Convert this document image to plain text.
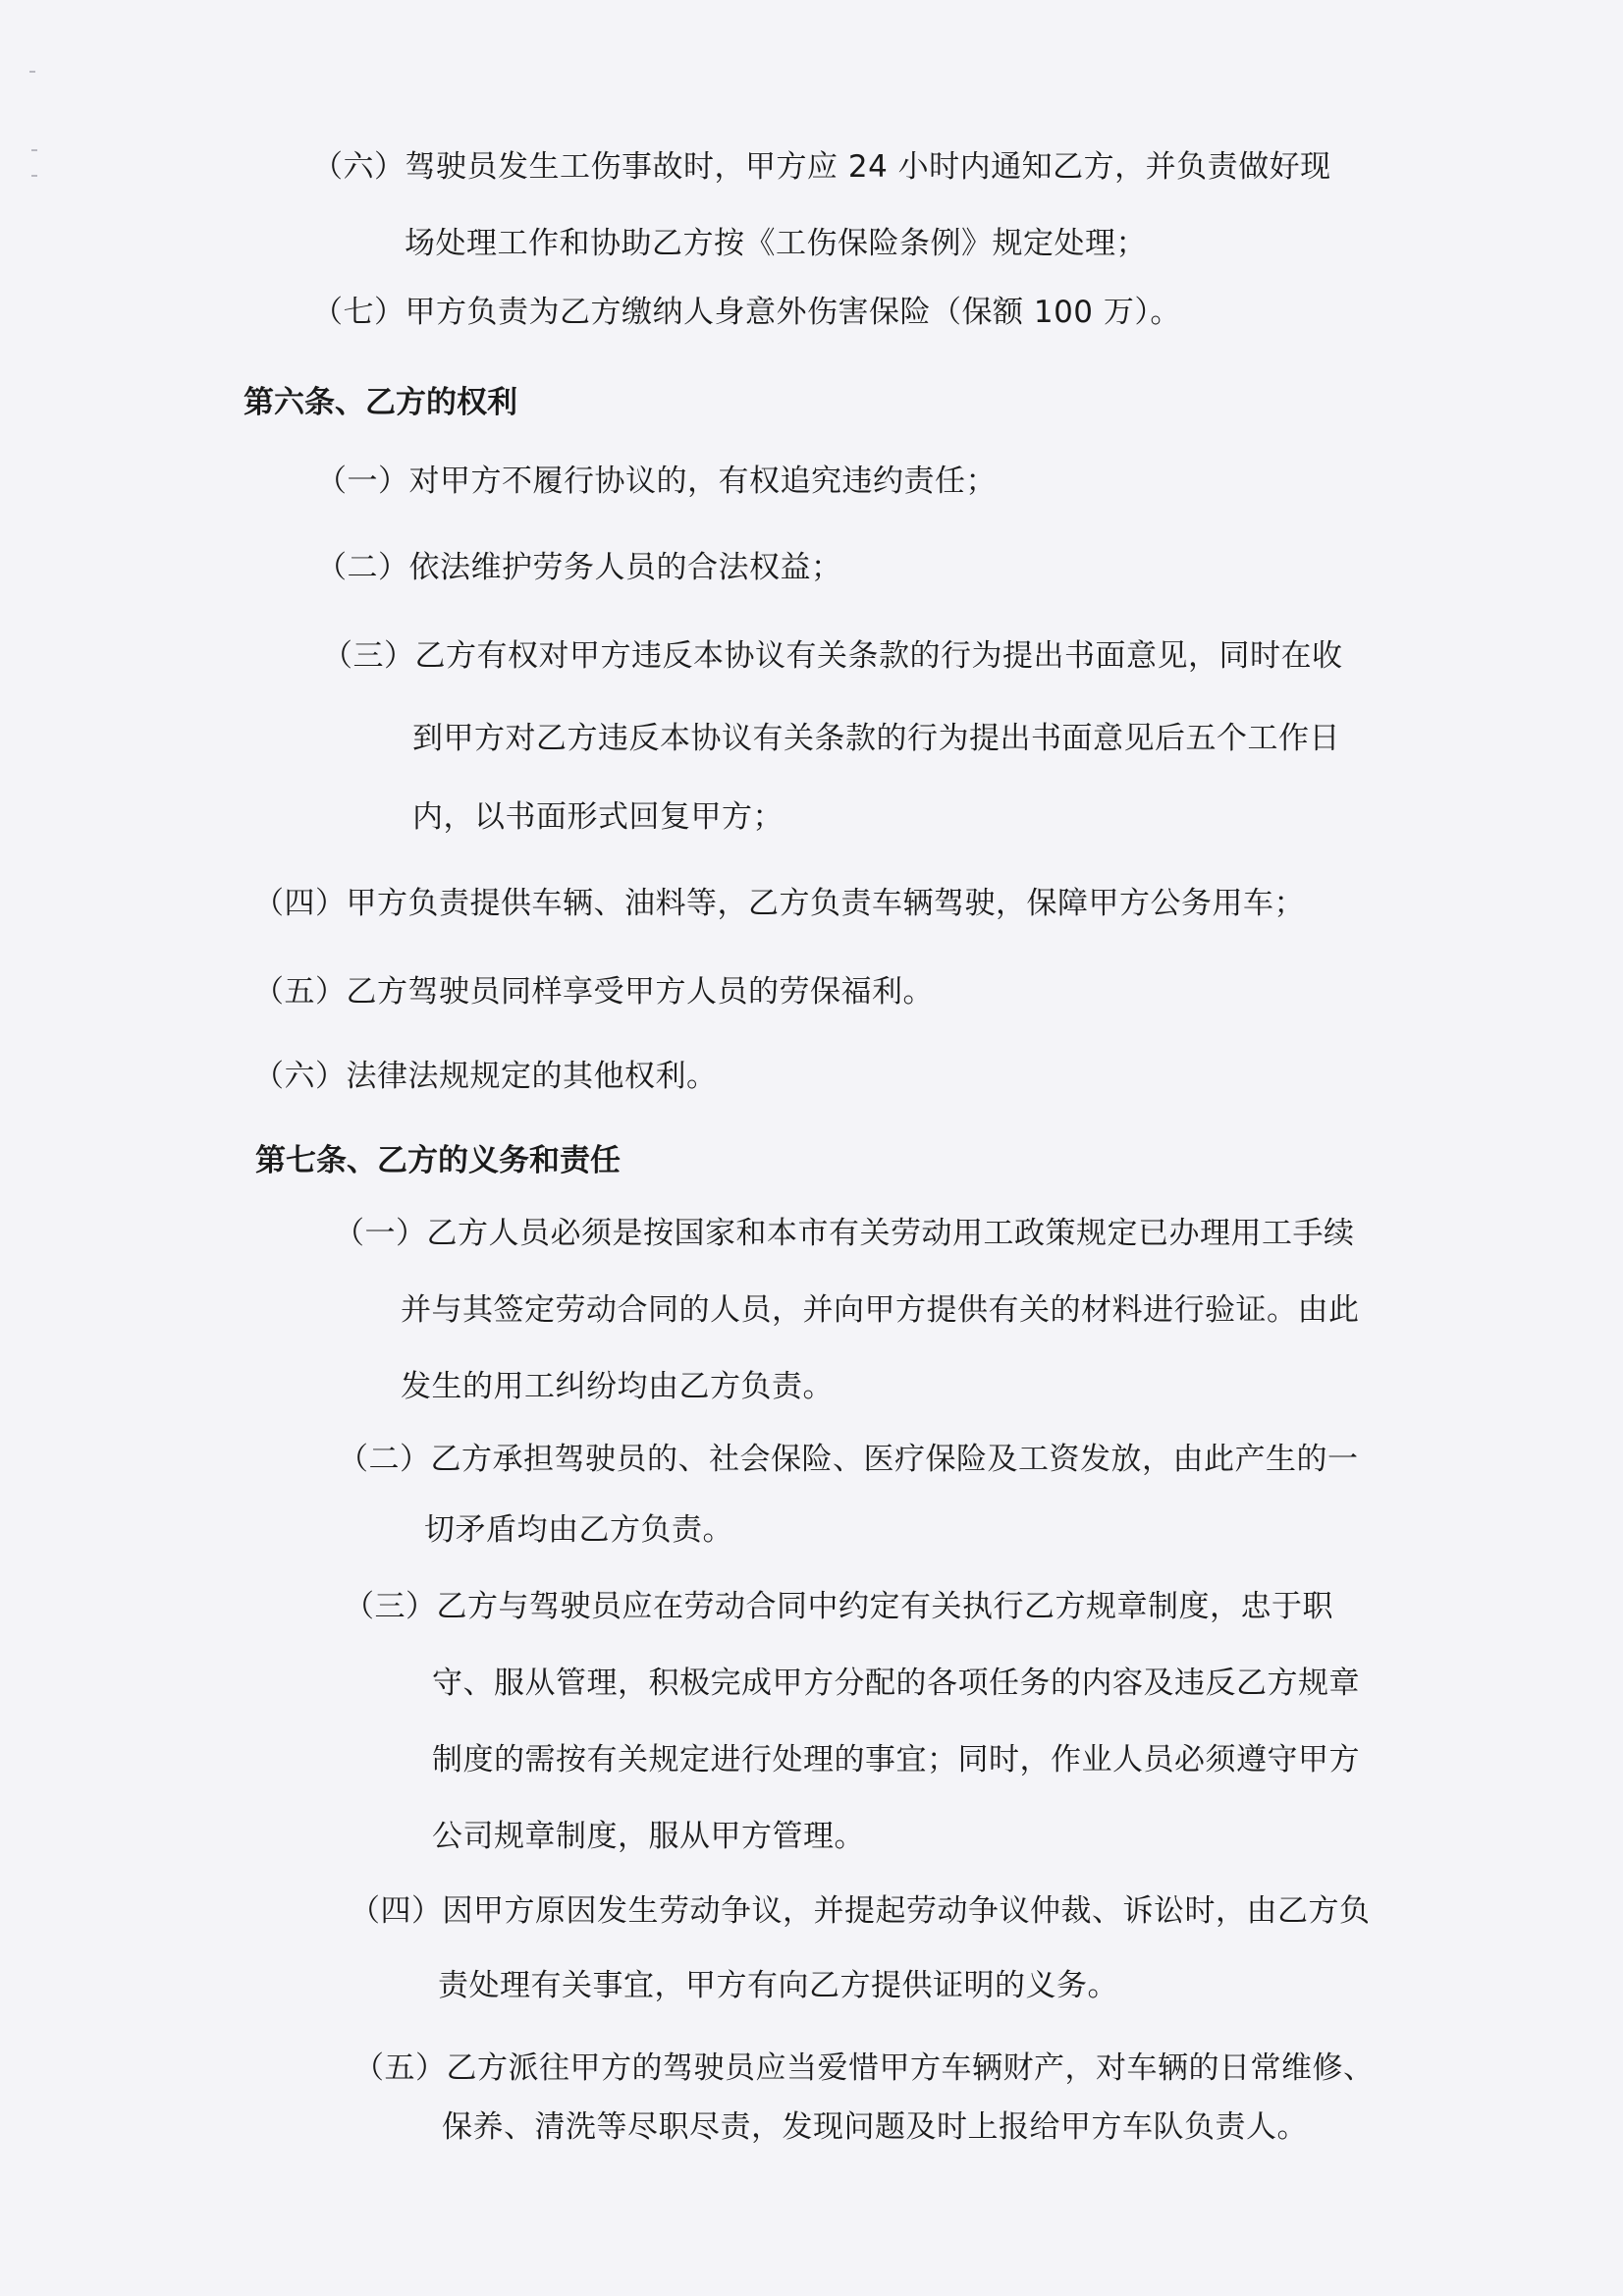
（六）驾驶员发生工伤事故时，甲方应 24 小时内通知乙方，并负责做好现
场处理工作和协助乙方按《工伤保险条例》规定处理；
（七）甲方负责为乙方缴纳人身意外伤害保险（保额 100 万）。
第六条、乙方的权利
（一）对甲方不履行协议的，有权追究违约责任；
（二）依法维护劳务人员的合法权益；
（三）乙方有权对甲方违反本协议有关条款的行为提出书面意见，同时在收
到甲方对乙方违反本协议有关条款的行为提出书面意见后五个工作日
内，以书面形式回复甲方；
（四）甲方负责提供车辆、油料等，乙方负责车辆驾驶，保障甲方公务用车；
（五）乙方驾驶员同样享受甲方人员的劳保福利。
（六）法律法规规定的其他权利。
第七条、乙方的义务和责任
（一）乙方人员必须是按国家和本市有关劳动用工政策规定已办理用工手续
并与其签定劳动合同的人员，并向甲方提供有关的材料进行验证。由此
发生的用工纠纷均由乙方负责。
（二）乙方承担驾驶员的、社会保险、医疗保险及工资发放，由此产生的一
切矛盾均由乙方负责。
（三）乙方与驾驶员应在劳动合同中约定有关执行乙方规章制度，忠于职
守、服从管理，积极完成甲方分配的各项任务的内容及违反乙方规章
制度的需按有关规定进行处理的事宜；同时，作业人员必须遵守甲方
公司规章制度，服从甲方管理。
（四）因甲方原因发生劳动争议，并提起劳动争议仲裁、诉讼时，由乙方负
责处理有关事宜，甲方有向乙方提供证明的义务。
（五）乙方派往甲方的驾驶员应当爱惜甲方车辆财产，对车辆的日常维修、
保养、清洗等尽职尽责，发现问题及时上报给甲方车队负责人。
